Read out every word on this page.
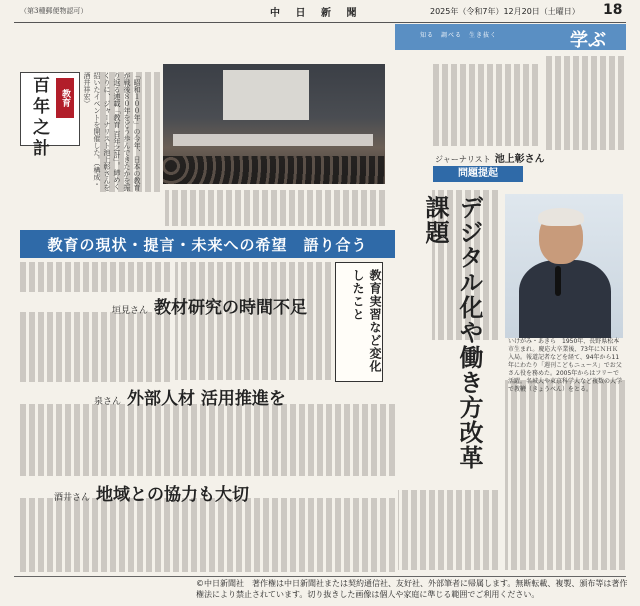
（第3種郵便物認可）	中 日 新 聞	2025年（令和7年）12月20日（土曜日） 18
知る　調べる　生き抜く	学ぶ
百年之計	教育	「昭和１００年」の今年、日本の教育が戦後８０年をどう歩んできたかを振り返る連載「教育 百年之計」。締めくくりに、ジャーナリスト池上彰さんを招いたイベントを開催した。（構成・酒井祥宏）
教育の現状・提言・未来への希望　語り合う
教育実習など変化したこと
垣見さん 教材研究の時間不足
泉さん 外部人材 活用推進を
酒井さん 地域との協力も大切
ジャーナリスト 池上彰さん
問題提起
デジタル化や働き方改革　課題
いけがみ・あきら　1950年、長野県松本市生まれ。慶応大卒業後、73年にＮＨＫ入局。報道記者などを経て、94年から11年にわたり「週刊こどもニュース」でお父さん役を務めた。2005年からはフリーで活躍。名城大や東京科学大など複数の大学で教鞭（きょうべん）をとる。
©中日新聞社　著作権は中日新聞社または契約通信社、友好社、外部筆者に帰属します。無断転載、複製、頒布等は著作権法により禁止されています。切り抜きした画像は個人や家庭に準じる範囲でご利用ください。
